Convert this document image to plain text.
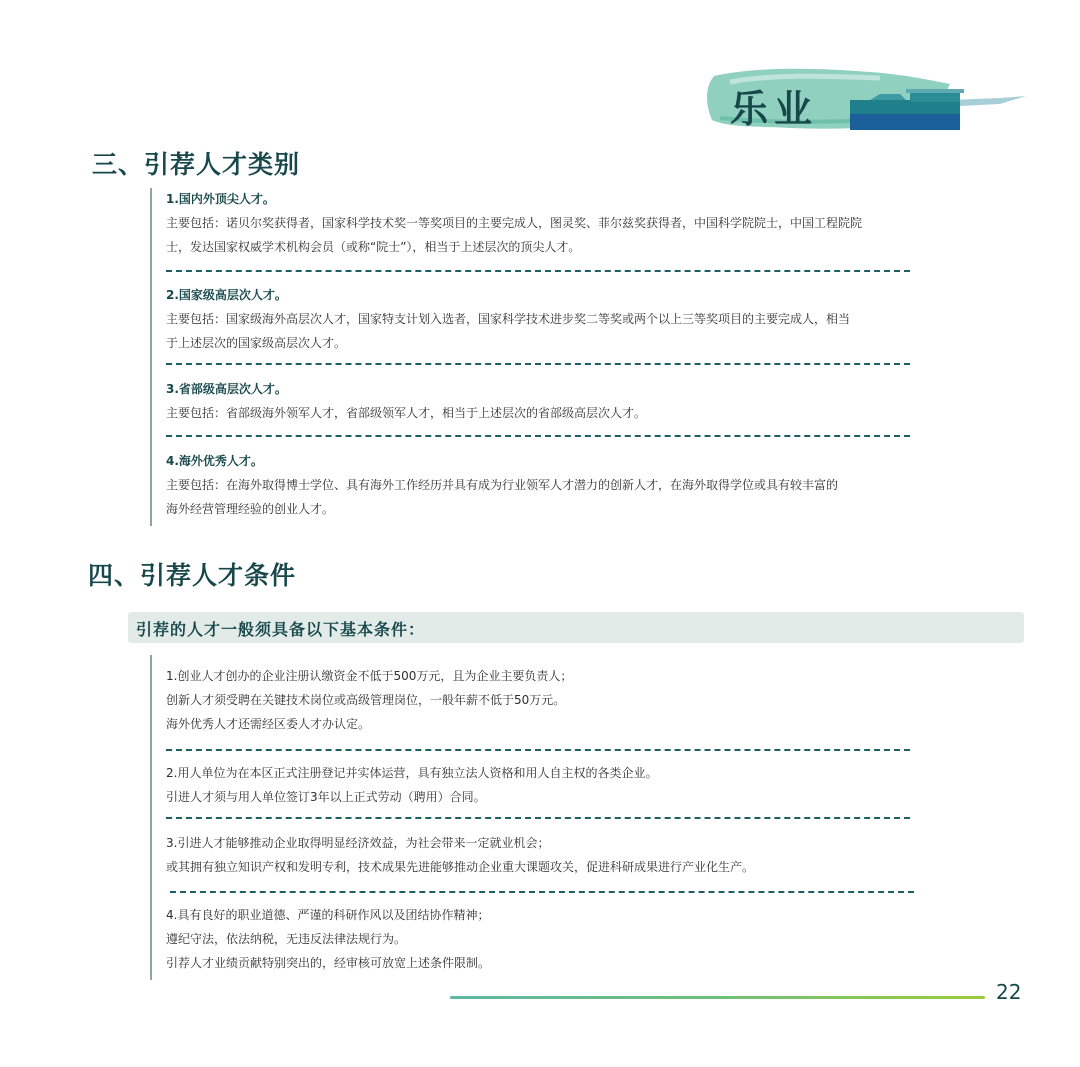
乐业
三、引荐人才类别
1.国内外顶尖人才。
主要包括：诺贝尔奖获得者，国家科学技术奖一等奖项目的主要完成人，图灵奖、菲尔兹奖获得者，中国科学院院士，中国工程院院
士，发达国家权威学术机构会员（或称“院士”），相当于上述层次的顶尖人才。
2.国家级高层次人才。
主要包括：国家级海外高层次人才，国家特支计划入选者，国家科学技术进步奖二等奖或两个以上三等奖项目的主要完成人，相当
于上述层次的国家级高层次人才。
3.省部级高层次人才。
主要包括：省部级海外领军人才，省部级领军人才，相当于上述层次的省部级高层次人才。
4.海外优秀人才。
主要包括：在海外取得博士学位、具有海外工作经历并具有成为行业领军人才潜力的创新人才，在海外取得学位或具有较丰富的
海外经营管理经验的创业人才。
四、引荐人才条件
引荐的人才一般须具备以下基本条件：
1.创业人才创办的企业注册认缴资金不低于500万元，且为企业主要负责人；
创新人才须受聘在关键技术岗位或高级管理岗位，一般年薪不低于50万元。
海外优秀人才还需经区委人才办认定。
2.用人单位为在本区正式注册登记并实体运营，具有独立法人资格和用人自主权的各类企业。
引进人才须与用人单位签订3年以上正式劳动（聘用）合同。
3.引进人才能够推动企业取得明显经济效益，为社会带来一定就业机会；
或其拥有独立知识产权和发明专利，技术成果先进能够推动企业重大课题攻关，促进科研成果进行产业化生产。
4.具有良好的职业道德、严谨的科研作风以及团结协作精神；
遵纪守法，依法纳税，无违反法律法规行为。
引荐人才业绩贡献特别突出的，经审核可放宽上述条件限制。
22
